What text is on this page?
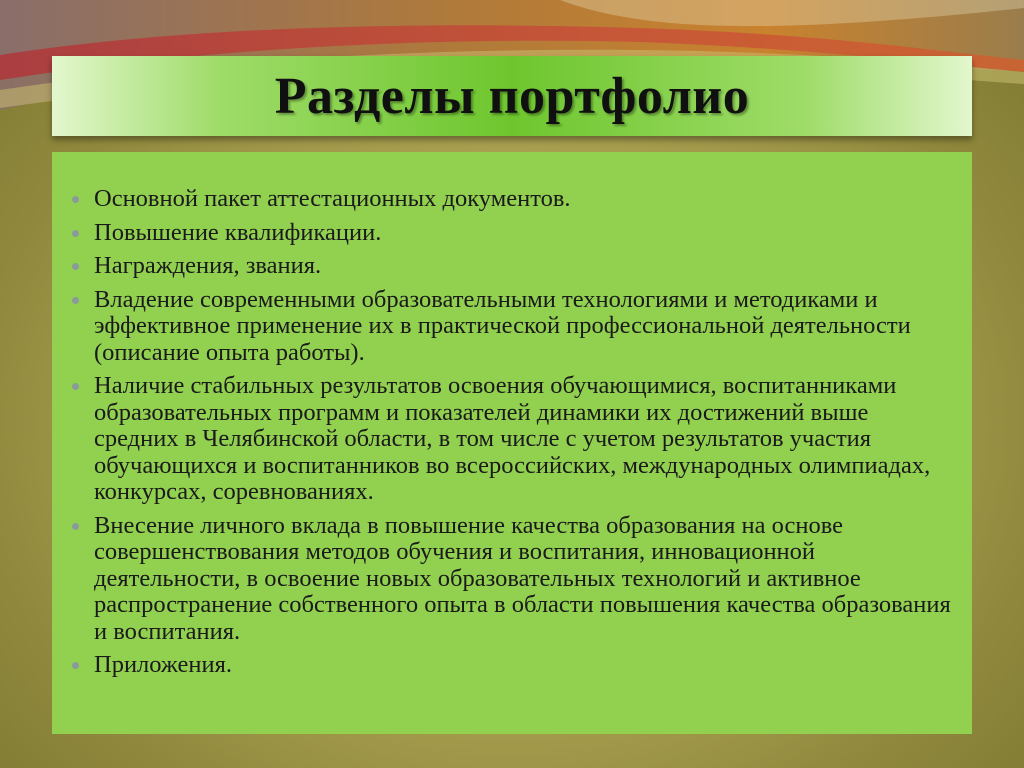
Разделы портфолио
Основной пакет аттестационных документов.
Повышение квалификации.
Награждения, звания.
Владение современными образовательными технологиями и методиками и эффективное применение их в практической профессиональной деятельности (описание опыта работы).
Наличие стабильных результатов освоения обучающимися, воспитанниками образовательных программ и показателей динамики их достижений выше средних в Челябинской области, в том числе с учетом результатов участия обучающихся и воспитанников во всероссийских, международных олимпиадах, конкурсах, соревнованиях.
Внесение личного вклада в повышение качества образования на основе совершенствования методов обучения и воспитания, инновационной деятельности, в освоение новых образовательных технологий и активное распространение собственного опыта в области повышения качества образования и воспитания.
Приложения.
